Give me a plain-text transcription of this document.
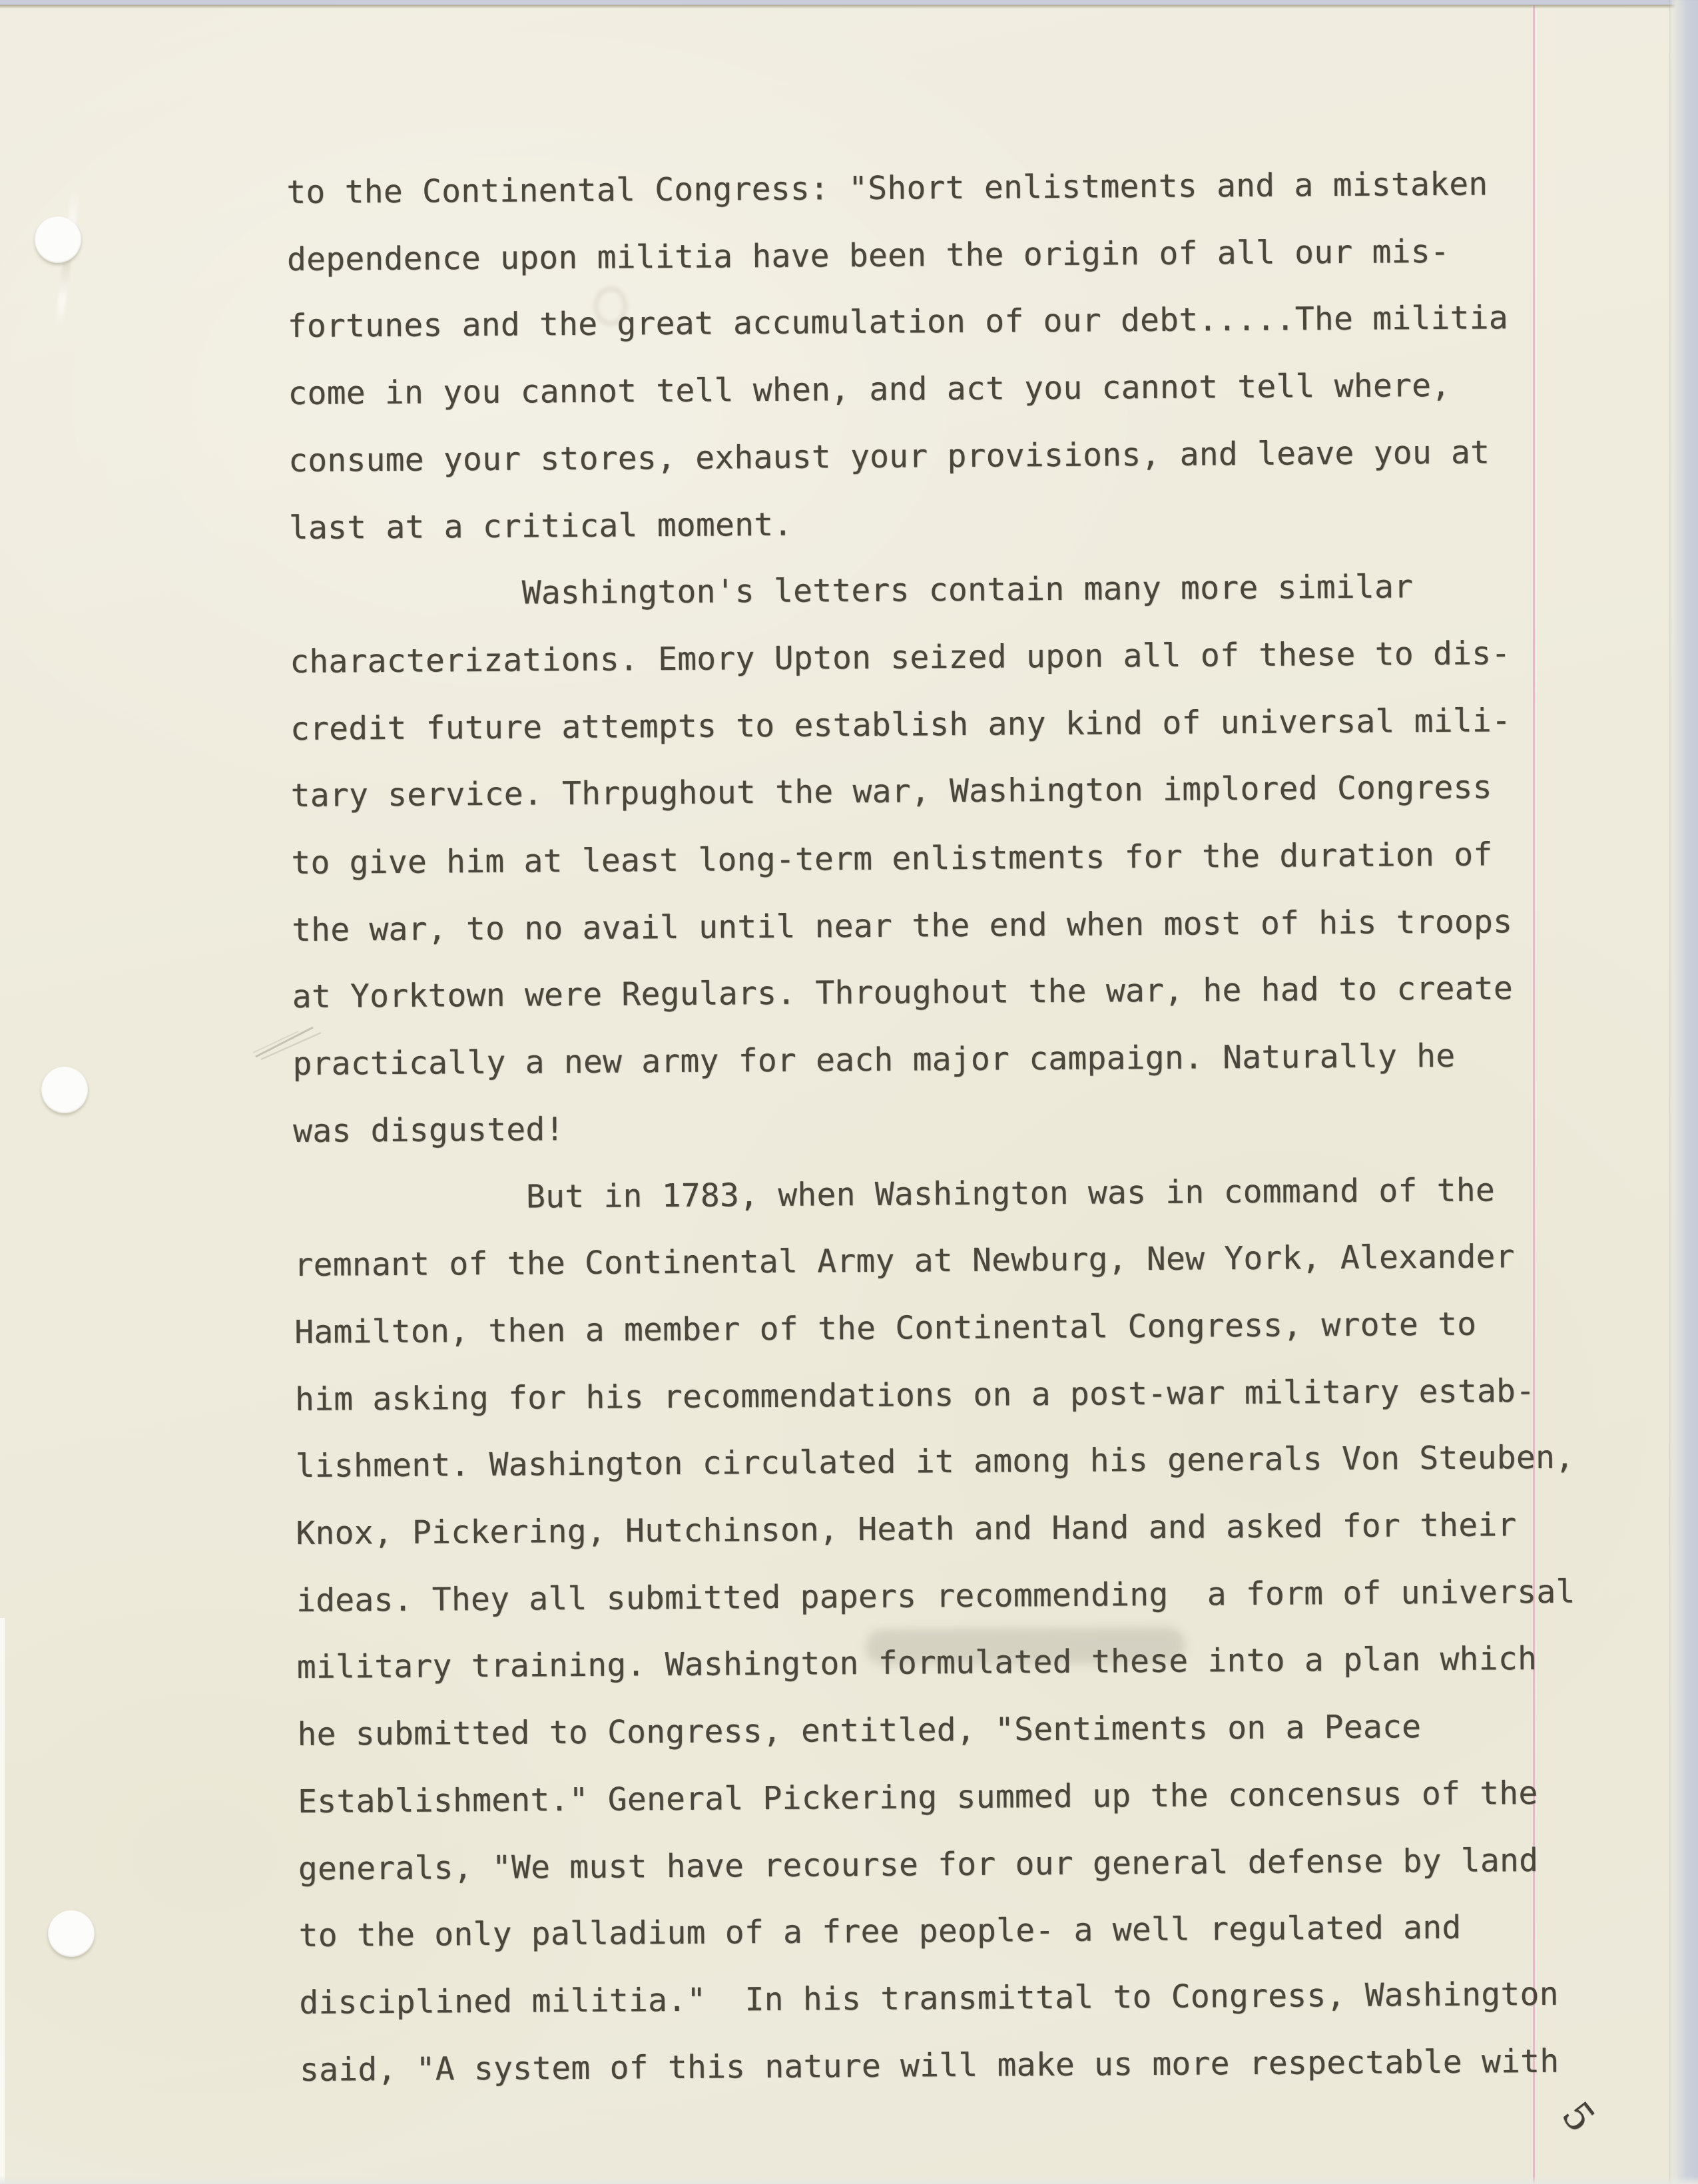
to the Continental Congress: "Short enlistments and a mistaken
dependence upon militia have been the origin of all our mis-
fortunes and the great accumulation of our debt.....The militia
come in you cannot tell when, and act you cannot tell where,
consume your stores, exhaust your provisions, and leave you at
last at a critical moment.
Washington's letters contain many more similar
characterizations. Emory Upton seized upon all of these to dis-
credit future attempts to establish any kind of universal mili-
tary service. Thrpughout the war, Washington implored Congress
to give him at least long-term enlistments for the duration of
the war, to no avail until near the end when most of his troops
at Yorktown were Regulars. Throughout the war, he had to create
practically a new army for each major campaign. Naturally he
was disgusted!
But in 1783, when Washington was in command of the
remnant of the Continental Army at Newburg, New York, Alexander
Hamilton, then a member of the Continental Congress, wrote to
him asking for his recommendations on a post-war military estab-
lishment. Washington circulated it among his generals Von Steuben,
Knox, Pickering, Hutchinson, Heath and Hand and asked for their
ideas. They all submitted papers recommending  a form of universal
military training. Washington formulated these into a plan which
he submitted to Congress, entitled, "Sentiments on a Peace
Establishment." General Pickering summed up the concensus of the
generals, "We must have recourse for our general defense by land
to the only palladium of a free people- a well regulated and
disciplined militia."  In his transmittal to Congress, Washington
said, "A system of this nature will make us more respectable with
5
